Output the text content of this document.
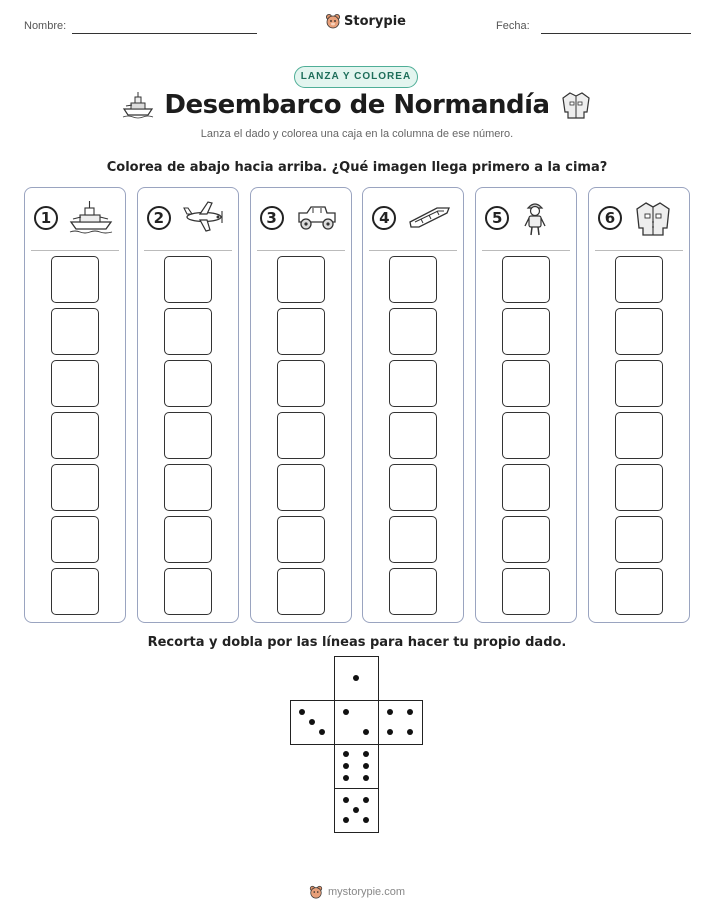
Nombre:	Storypie	Fecha:
LANZA Y COLOREA
Desembarco de Normandía
Lanza el dado y colorea una caja en la columna de ese número.
Colorea de abajo hacia arriba. ¿Qué imagen llega primero a la cima?
1	2	3	4	5	6
Recorta y dobla por las líneas para hacer tu propio dado.
mystorypie.com
